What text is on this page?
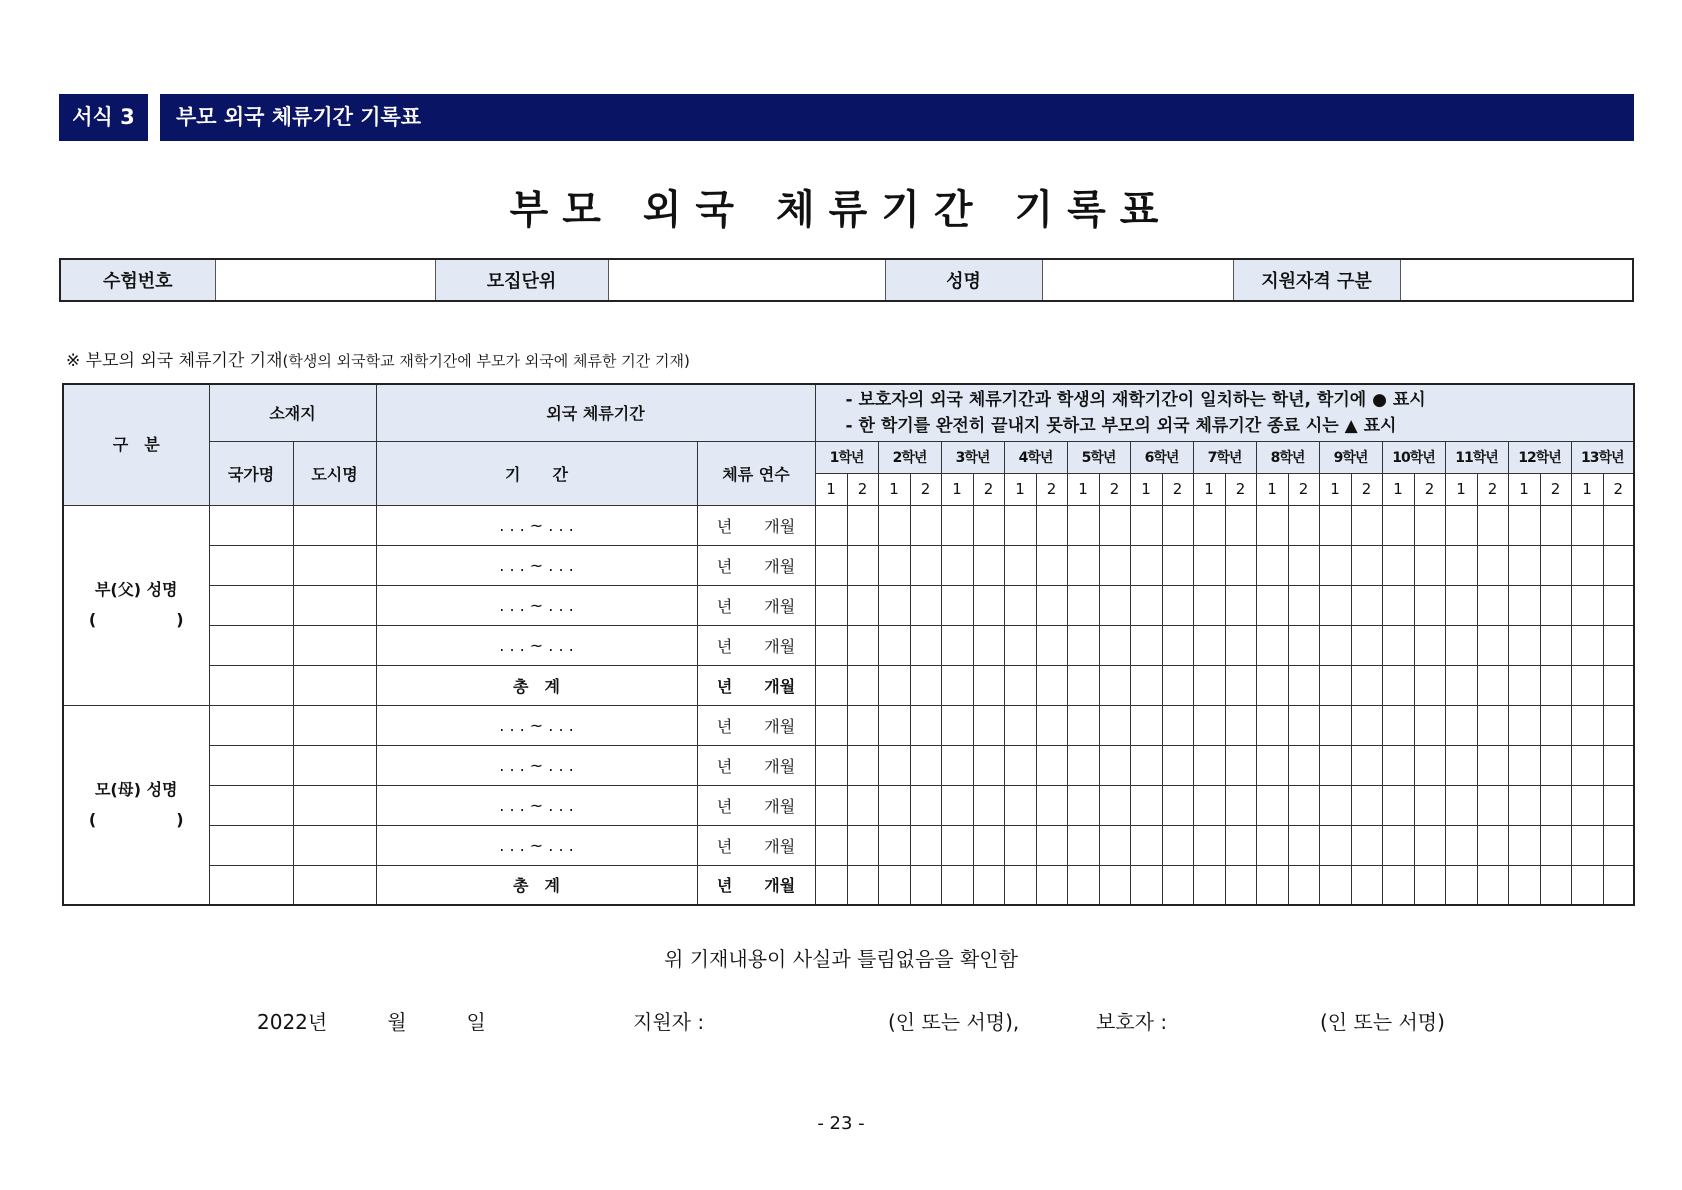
서식 3	부모 외국 체류기간 기록표
부모 외국 체류기간 기록표
수험번호		모집단위		성명		지원자격 구분	
※ 부모의 외국 체류기간 기재(학생의 외국학교 재학기간에 부모가 외국에 체류한 기간 기재)
구　분	소재지		외국 체류기간		- 보호자의 외국 체류기간과 학생의 재학기간이 일치하는 학년, 학기에 ● 표시
- 한 학기를 완전히 끝내지 못하고 부모의 외국 체류기간 종료 시는 ▲ 표시																									

	국가명	도시명	기　　간	체류 연수	1학년		2학년		3학년		4학년		5학년		6학년		7학년		8학년		9학년		10학년		11학년		12학년		13학년	
					1	2	1	2	1	2	1	2	1	2	1	2	1	2	1	2	1	2	1	2	1	2	1	2	1	2

부(父) 성명
(　　　　　)			. . . ~ . . .	년　　개월																										
			. . . ~ . . .	년　　개월																										
			. . . ~ . . .	년　　개월																										
			. . . ~ . . .	년　　개월																										
			총　계	년　　개월																										

모(母) 성명
(　　　　　)			. . . ~ . . .	년　　개월																										
			. . . ~ . . .	년　　개월																										
			. . . ~ . . .	년　　개월																										
			. . . ~ . . .	년　　개월																										
			총　계	년　　개월																										
위 기재내용이 사실과 틀림없음을 확인함
2022년　　　월　　　일	지원자 :	(인 또는 서명),	보호자 :	(인 또는 서명)
- 23 -
